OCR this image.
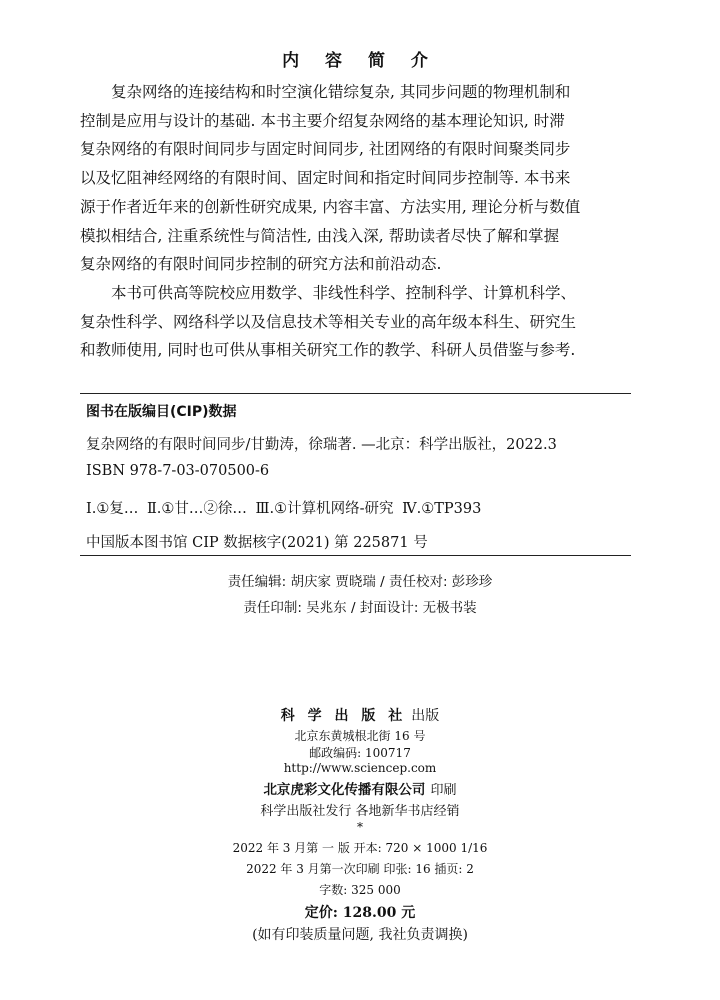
内 容 简 介

复杂网络的连接结构和时空演化错综复杂, 其同步问题的物理机制和
控制是应用与设计的基础. 本书主要介绍复杂网络的基本理论知识, 时滞
复杂网络的有限时间同步与固定时间同步, 社团网络的有限时间聚类同步
以及忆阻神经网络的有限时间、固定时间和指定时间同步控制等. 本书来
源于作者近年来的创新性研究成果, 内容丰富、方法实用, 理论分析与数值
模拟相结合, 注重系统性与简洁性, 由浅入深, 帮助读者尽快了解和掌握
复杂网络的有限时间同步控制的研究方法和前沿动态.

本书可供高等院校应用数学、非线性科学、控制科学、计算机科学、
复杂性科学、网络科学以及信息技术等相关专业的高年级本科生、研究生
和教师使用, 同时也可供从事相关研究工作的教学、科研人员借鉴与参考.

图书在版编目(CIP)数据
复杂网络的有限时间同步/甘勤涛，徐瑞著. —北京：科学出版社，2022.3
ISBN 978-7-03-070500-6
Ⅰ.①复… Ⅱ.①甘…②徐… Ⅲ.①计算机网络-研究 Ⅳ.①TP393
中国版本图书馆 CIP 数据核字(2021) 第 225871 号
责任编辑: 胡庆家 贾晓瑞 / 责任校对: 彭珍珍
责任印制: 吴兆东 / 封面设计: 无极书装
科 学 出 版 社 出版
北京东黄城根北街 16 号
邮政编码: 100717
http://www.sciencep.com
北京虎彩文化传播有限公司 印刷
科学出版社发行 各地新华书店经销
*
2022 年 3 月第 一 版 开本: 720 × 1000 1/16
2022 年 3 月第一次印刷 印张: 16 插页: 2
字数: 325 000
定价: 128.00 元
(如有印装质量问题, 我社负责调换)
